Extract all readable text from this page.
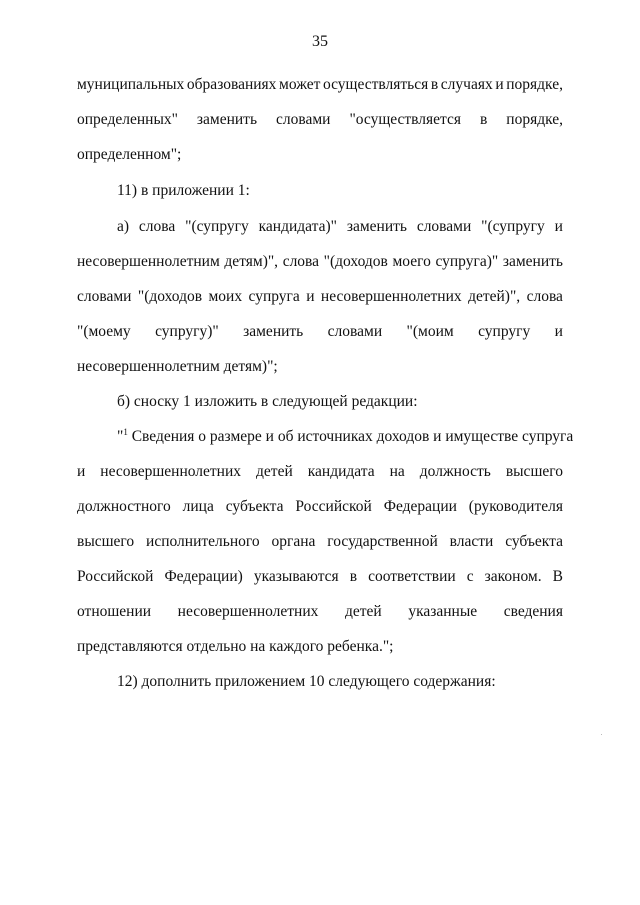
35
муниципальных образованиях может осуществляться в случаях и порядке,
определенных" заменить словами "осуществляется в порядке,
определенном";
11) в приложении 1:
а) слова "(супругу кандидата)" заменить словами "(супругу и
несовершеннолетним детям)", слова "(доходов моего супруга)" заменить
словами "(доходов моих супруга и несовершеннолетних детей)", слова
"(моему супругу)" заменить словами "(моим супругу и
несовершеннолетним детям)";
б) сноску 1 изложить в следующей редакции:
"$^1$ Сведения о размере и об источниках доходов и имуществе супруга
и несовершеннолетних детей кандидата на должность высшего
должностного лица субъекта Российской Федерации (руководителя
высшего исполнительного органа государственной власти субъекта
Российской Федерации) указываются в соответствии с законом. В
отношении несовершеннолетних детей указанные сведения
представляются отдельно на каждого ребенка.";
12) дополнить приложением 10 следующего содержания:
